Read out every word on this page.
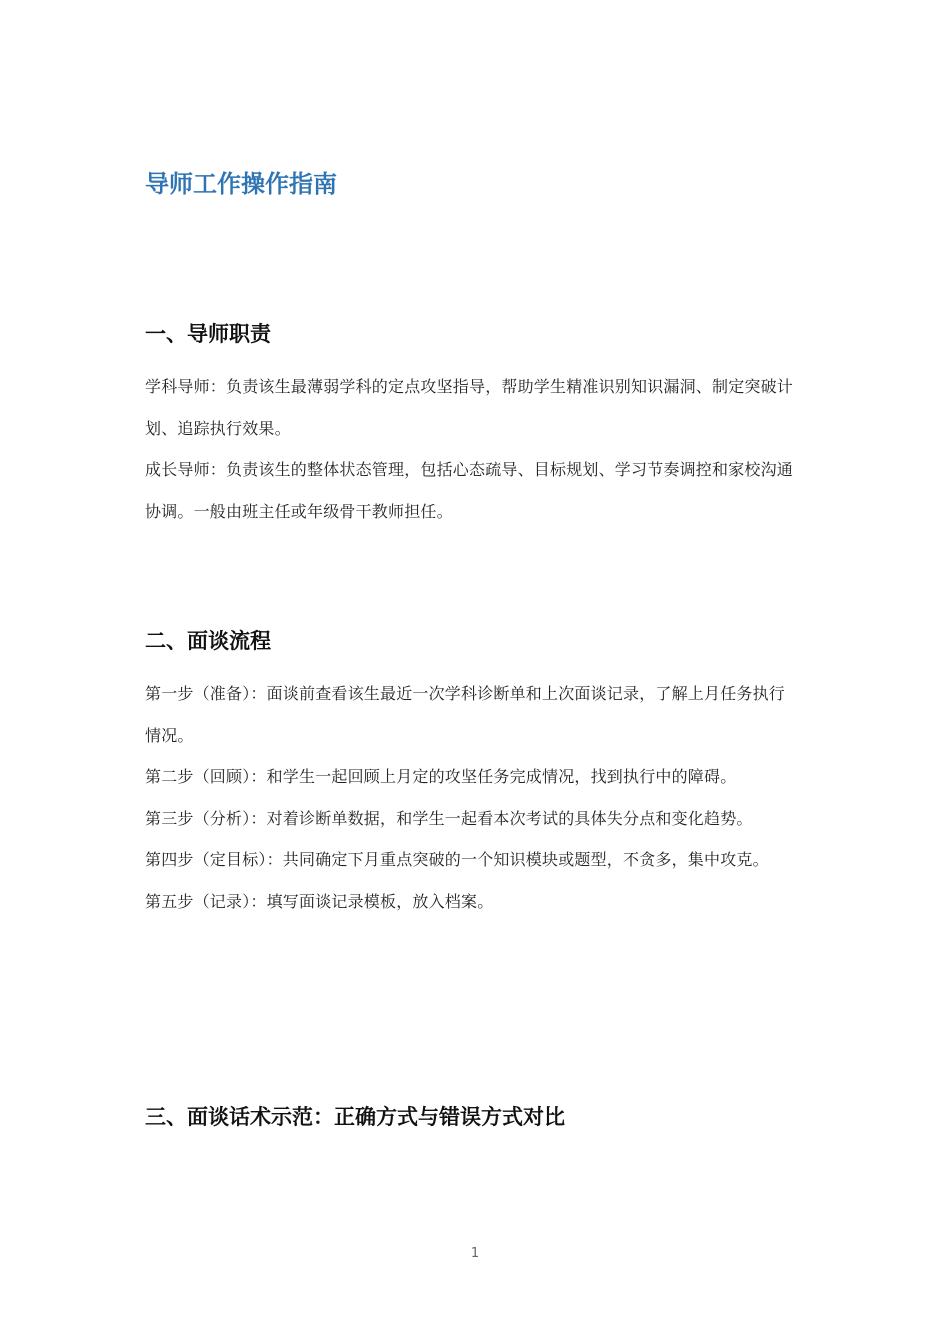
导师工作操作指南
一、导师职责

学科导师：负责该生最薄弱学科的定点攻坚指导，帮助学生精准识别知识漏洞、制定突破计划、追踪执行效果。

成长导师：负责该生的整体状态管理，包括心态疏导、目标规划、学习节奏调控和家校沟通协调。一般由班主任或年级骨干教师担任。

二、面谈流程

第一步（准备）：面谈前查看该生最近一次学科诊断单和上次面谈记录，了解上月任务执行情况。

第二步（回顾）：和学生一起回顾上月定的攻坚任务完成情况，找到执行中的障碍。

第三步（分析）：对着诊断单数据，和学生一起看本次考试的具体失分点和变化趋势。

第四步（定目标）：共同确定下月重点突破的一个知识模块或题型，不贪多，集中攻克。

第五步（记录）：填写面谈记录模板，放入档案。

三、面谈话术示范：正确方式与错误方式对比
1
